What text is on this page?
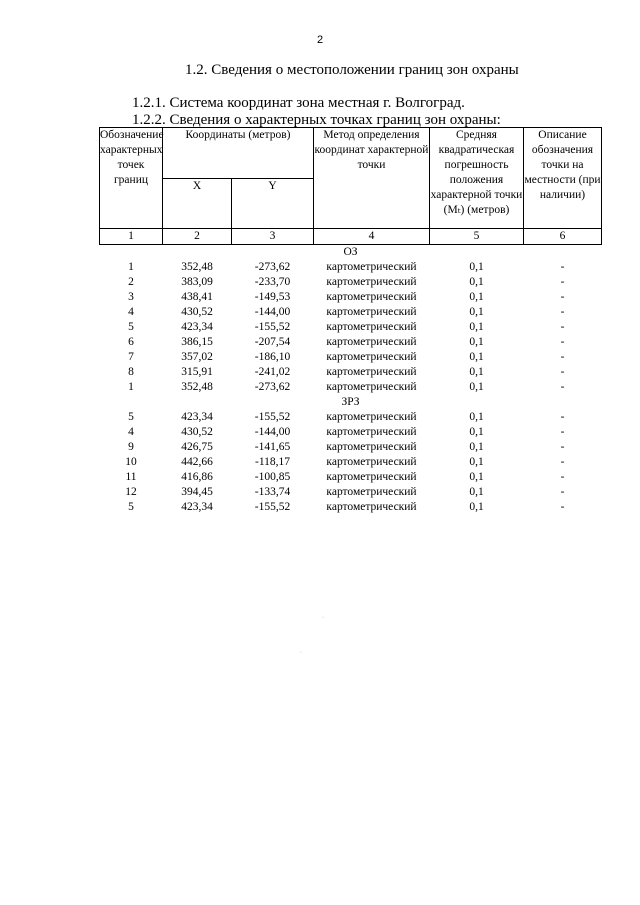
2
1.2. Сведения о местоположении границ зон охраны
1.2.1. Система координат зона местная г. Волгоград.
1.2.2. Сведения о характерных точках границ зон охраны:
Обозначение характерных точек границ	Координаты (метров)		Метод определения координат характерной точки	Средняя квадратическая погрешность положения характерной точки (Mₜ) (метров)	Описание обозначения точки на местности (при наличии)
	X	Y			
1	2	3	4	5	6
ОЗ					
1	352,48	-273,62	картометрический	0,1	-
2	383,09	-233,70	картометрический	0,1	-
3	438,41	-149,53	картометрический	0,1	-
4	430,52	-144,00	картометрический	0,1	-
5	423,34	-155,52	картометрический	0,1	-
6	386,15	-207,54	картометрический	0,1	-
7	357,02	-186,10	картометрический	0,1	-
8	315,91	-241,02	картометрический	0,1	-
1	352,48	-273,62	картометрический	0,1	-
ЗРЗ					
5	423,34	-155,52	картометрический	0,1	-
4	430,52	-144,00	картометрический	0,1	-
9	426,75	-141,65	картометрический	0,1	-
10	442,66	-118,17	картометрический	0,1	-
11	416,86	-100,85	картометрический	0,1	-
12	394,45	-133,74	картометрический	0,1	-
5	423,34	-155,52	картометрический	0,1	-
·
·
